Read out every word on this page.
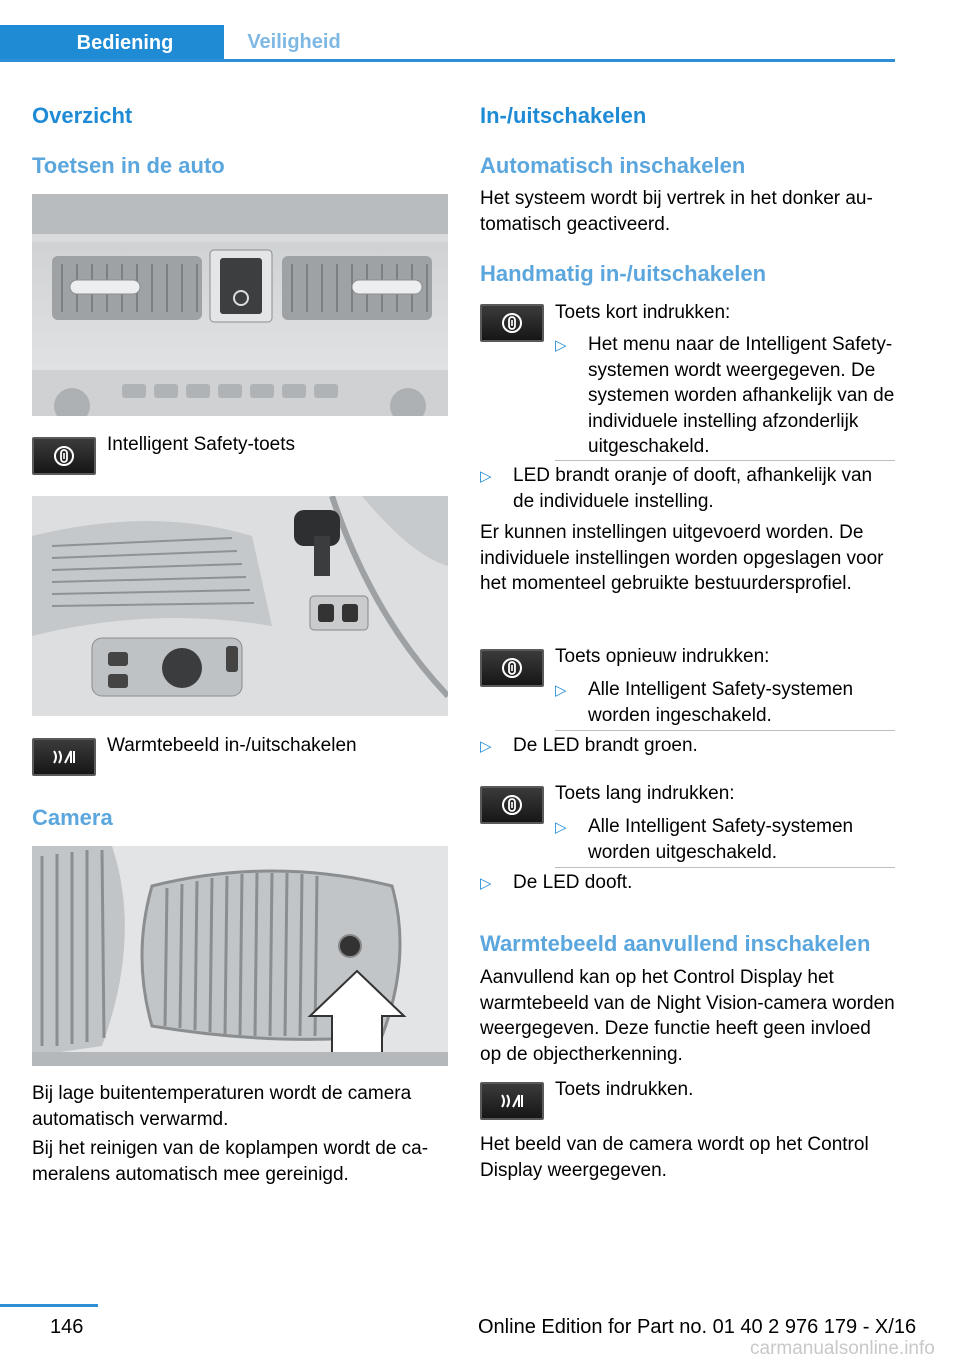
Bediening	Veiligheid
Overzicht
Toetsen in de auto
Intelligent Safety-toets
Warmtebeeld in-/uitschakelen
Camera
Bij lage buitentemperaturen wordt de camera automatisch verwarmd.
Bij het reinigen van de koplampen wordt de cameralens automatisch mee gereinigd.
In-/uitschakelen
Automatisch inschakelen
Het systeem wordt bij vertrek in het donker automatisch geactiveerd.
Handmatig in-/uitschakelen
Toets kort indrukken:
▷	Het menu naar de Intelligent Safety-systemen wordt weergegeven. De systemen worden afhankelijk van de individuele instelling afzonderlijk uitgeschakeld.
▷	LED brandt oranje of dooft, afhankelijk van de individuele instelling.
Er kunnen instellingen uitgevoerd worden. De individuele instellingen worden opgeslagen voor het momenteel gebruikte bestuurdersprofiel.
Toets opnieuw indrukken:
▷	Alle Intelligent Safety-systemen worden ingeschakeld.
▷	De LED brandt groen.
Toets lang indrukken:
▷	Alle Intelligent Safety-systemen worden uitgeschakeld.
▷	De LED dooft.
Warmtebeeld aanvullend inschakelen
Aanvullend kan op het Control Display het warmtebeeld van de Night Vision-camera worden weergegeven. Deze functie heeft geen invloed op de objectherkenning.
Toets indrukken.
Het beeld van de camera wordt op het Control Display weergegeven.
146	Online Edition for Part no. 01 40 2 976 179 - X/16
carmanualsonline.info
